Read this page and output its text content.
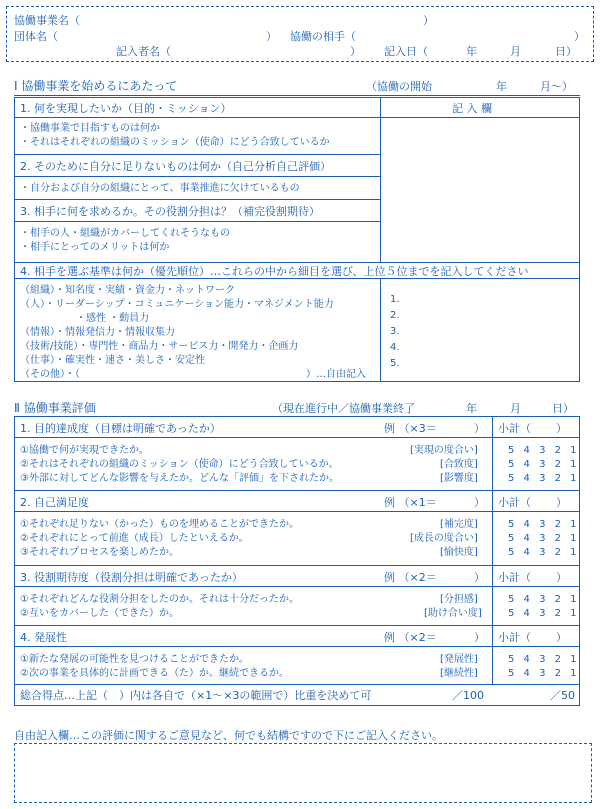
協働事業名（	）
団体名（	） 協働の相手（	）
記入者名（	） 記入日（	年	月	日）
Ⅰ 協働事業を始めるにあたって	（協働の開始	年	月〜）
記 入 欄
1. 何を実現したいか（目的・ミッション）
・協働事業で目指すものは何か
・それはそれぞれの組織のミッション（使命）にどう合致しているか
2. そのために自分に足りないものは何か（自己分析自己評価）
・自分および自分の組織にとって、事業推進に欠けているもの
3. 相手に何を求めるか。その役割分担は？（補完役割期待）
・相手の人・組織がカバーしてくれそうなもの
・相手にとってのメリットは何か
4. 相手を選ぶ基準は何か（優先順位）…これらの中から細目を選び、上位５位までを記入してください
（組織）・知名度・実績・資金力・ネットワーク
（人）・リーダーシップ・コミュニケーション能力・マネジメント能力
・感性 ・動員力
（情報）・情報発信力・情報収集力
（技術/技能）・専門性・商品力・サービス力・開発力・企画力
（仕事）・確実性・速さ・美しさ・安定性
（その他）・（	）…自由記入
1.
2.
3.
4.
5.
Ⅱ 協働事業評価	（現在進行中／協働事業終了	年	月	日）
1. 目的達成度（目標は明確であったか）	例 （×3＝	） 小計（ ）
①協働で何が実現できたか。	[実現の度合い]	5 4 3 2 1
②それはそれぞれの組織のミッション（使命）にどう合致しているか。	[合致度]	5 4 3 2 1
③外部に対してどんな影響を与えたか。どんな「評価」を下されたか。	[影響度]	5 4 3 2 1
2. 自己満足度	例 （×1＝	） 小計（ ）
①それぞれ足りない（かった）ものを埋めることができたか。	[補完度]	5 4 3 2 1
②それぞれにとって前進（成長）したといえるか。	[成長の度合い]	5 4 3 2 1
③それぞれプロセスを楽しめたか。	[愉快度]	5 4 3 2 1
3. 役割期待度（役割分担は明確であったか）	例 （×2＝	） 小計（ ）
①それぞれどんな役割分担をしたのか。それは十分だったか。	[分担感]	5 4 3 2 1
②互いをカバーした（できた）か。	[助け合い度]	5 4 3 2 1
4. 発展性	例 （×2＝	） 小計（ ）
①新たな発展の可能性を見つけることができたか。	[発展性]	5 4 3 2 1
②次の事業を具体的に計画できる（た）か。継続できるか。	[継続性]	5 4 3 2 1
総合得点…上記（　）内は各自で（×1〜×3の範囲で）比重を決めて可	／100	／50
自由記入欄…この評価に関するご意見など、何でも結構ですので下にご記入ください。
